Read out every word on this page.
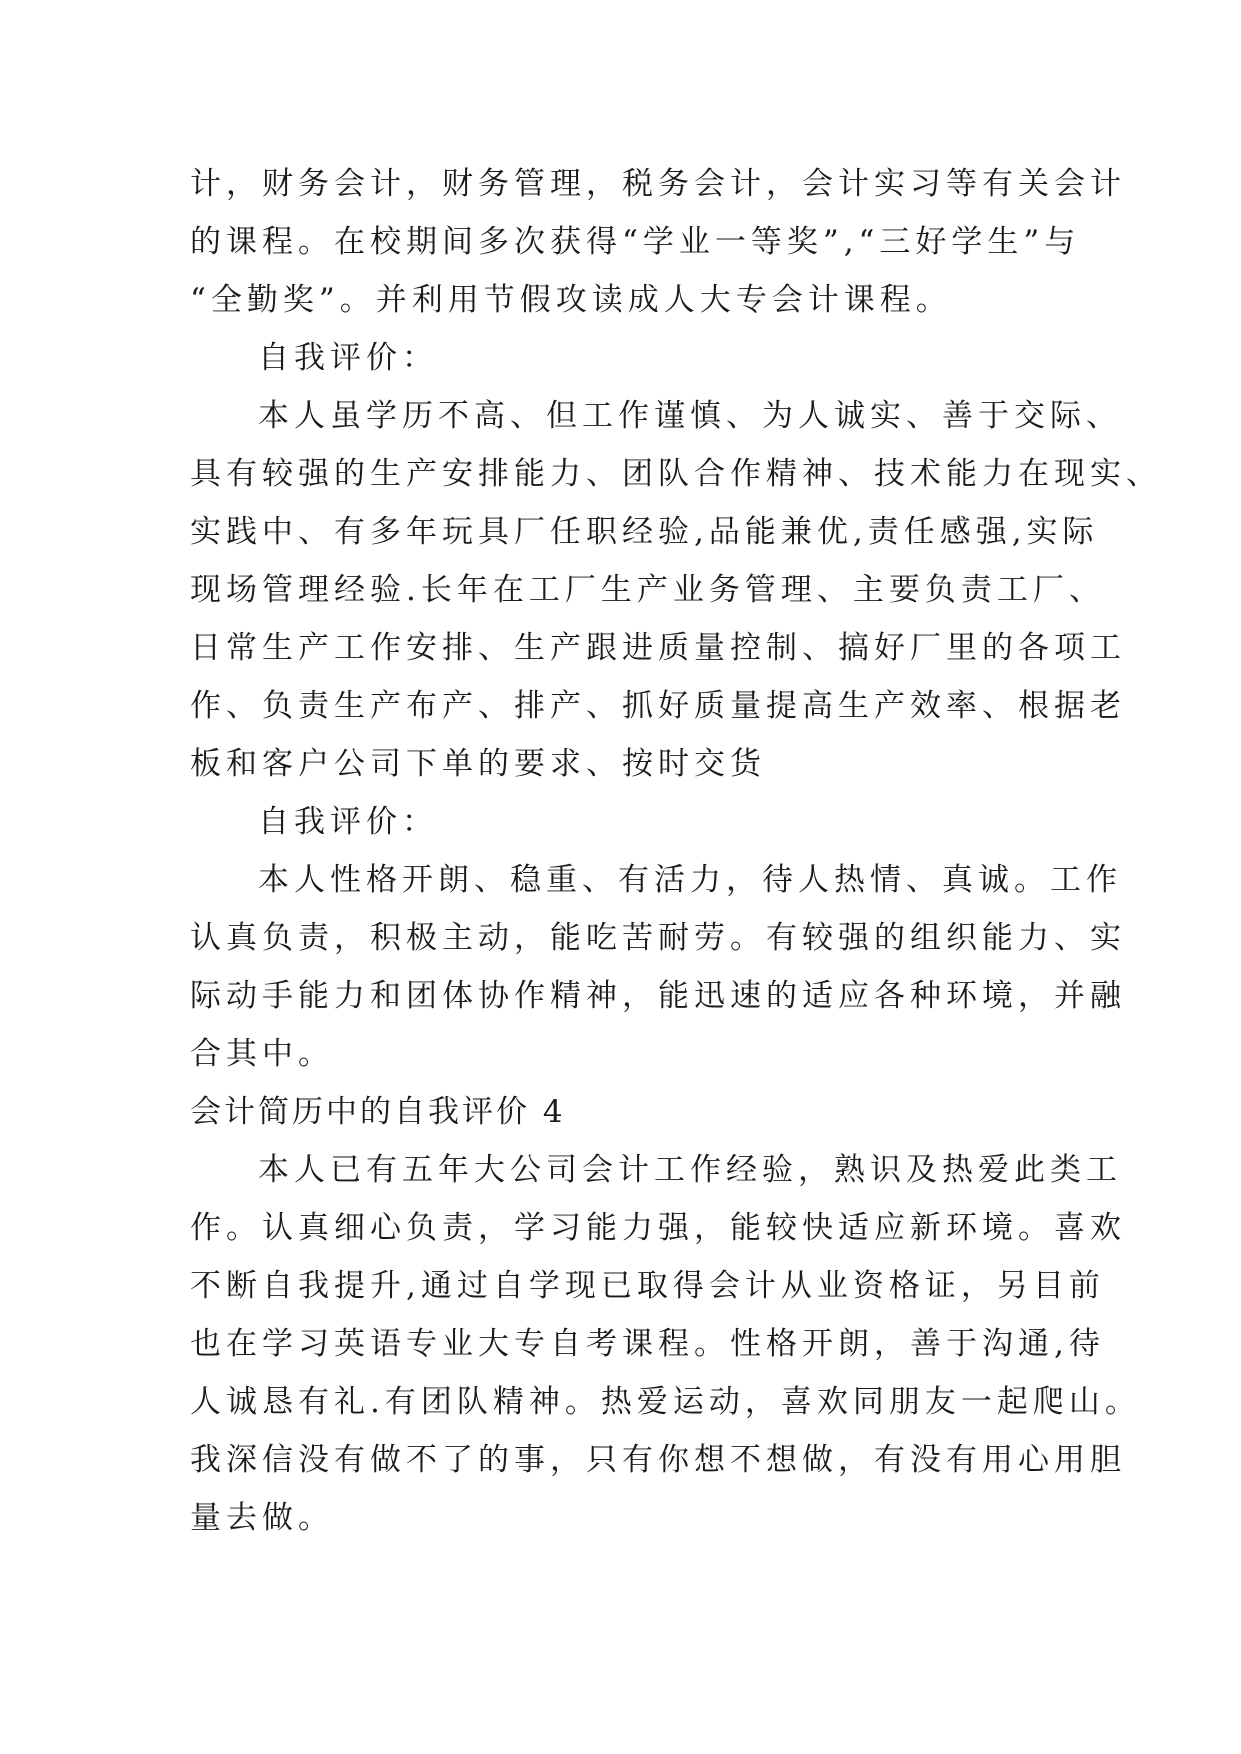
计，财务会计，财务管理，税务会计，会计实习等有关会计
的课程。在校期间多次获得“学业一等奖”,“三好学生”与
“全勤奖”。并利用节假攻读成人大专会计课程。
自我评价：
本人虽学历不高、但工作谨慎、为人诚实、善于交际、
具有较强的生产安排能力、团队合作精神、技术能力在现实、
实践中、有多年玩具厂任职经验,品能兼优,责任感强,实际
现场管理经验.长年在工厂生产业务管理、主要负责工厂、
日常生产工作安排、生产跟进质量控制、搞好厂里的各项工
作、负责生产布产、排产、抓好质量提高生产效率、根据老
板和客户公司下单的要求、按时交货
自我评价：
本人性格开朗、稳重、有活力，待人热情、真诚。工作
认真负责，积极主动，能吃苦耐劳。有较强的组织能力、实
际动手能力和团体协作精神，能迅速的适应各种环境，并融
合其中。
会计简历中的自我评价 4
本人已有五年大公司会计工作经验，熟识及热爱此类工
作。认真细心负责，学习能力强，能较快适应新环境。喜欢
不断自我提升,通过自学现已取得会计从业资格证，另目前
也在学习英语专业大专自考课程。性格开朗，善于沟通,待
人诚恳有礼.有团队精神。热爱运动，喜欢同朋友一起爬山。
我深信没有做不了的事，只有你想不想做，有没有用心用胆
量去做。
